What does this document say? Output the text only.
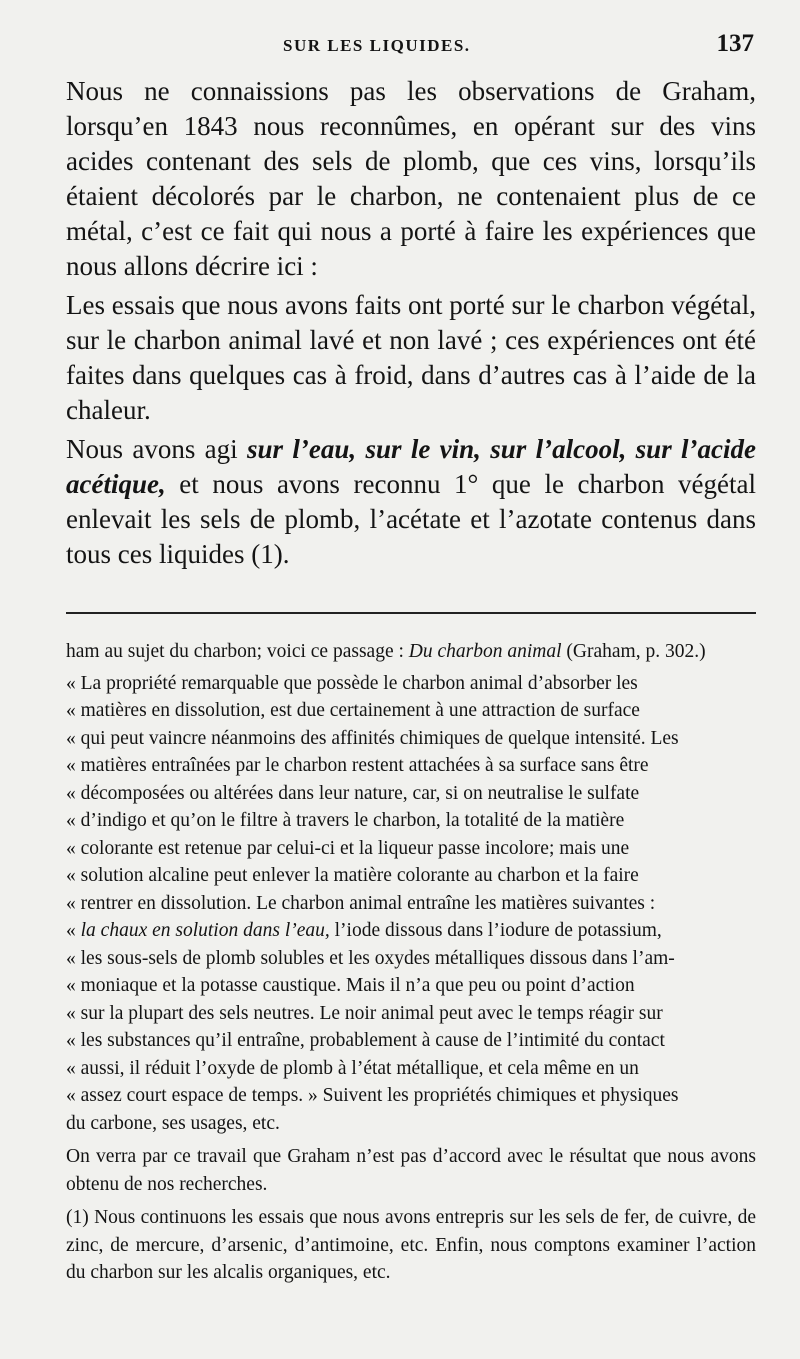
SUR LES LIQUIDES.	137

Nous ne connaissions pas les observations de Graham, lorsqu’en 1843 nous reconnûmes, en opérant sur des vins acides contenant des sels de plomb, que ces vins, lorsqu’ils étaient décolorés par le charbon, ne contenaient plus de ce métal, c’est ce fait qui nous a porté à faire les expériences que nous allons décrire ici :

Les essais que nous avons faits ont porté sur le charbon végétal, sur le charbon animal lavé et non lavé ; ces expériences ont été faites dans quelques cas à froid, dans d’autres cas à l’aide de la chaleur.

Nous avons agi sur l’eau, sur le vin, sur l’alcool, sur l’acide acétique, et nous avons reconnu 1° que le charbon végétal enlevait les sels de plomb, l’acétate et l’azotate contenus dans tous ces liquides (1).

ham au sujet du charbon; voici ce passage : Du charbon animal (Graham, p. 302.)

« La propriété remarquable que possède le charbon animal d’absorber les
« matières en dissolution, est due certainement à une attraction de surface
« qui peut vaincre néanmoins des affinités chimiques de quelque intensité. Les
« matières entraînées par le charbon restent attachées à sa surface sans être
« décomposées ou altérées dans leur nature, car, si on neutralise le sulfate
« d’indigo et qu’on le filtre à travers le charbon, la totalité de la matière
« colorante est retenue par celui-ci et la liqueur passe incolore; mais une
« solution alcaline peut enlever la matière colorante au charbon et la faire
« rentrer en dissolution. Le charbon animal entraîne les matières suivantes :
« la chaux en solution dans l’eau, l’iode dissous dans l’iodure de potassium,
« les sous-sels de plomb solubles et les oxydes métalliques dissous dans l’am-
« moniaque et la potasse caustique. Mais il n’a que peu ou point d’action
« sur la plupart des sels neutres. Le noir animal peut avec le temps réagir sur
« les substances qu’il entraîne, probablement à cause de l’intimité du contact
« aussi, il réduit l’oxyde de plomb à l’état métallique, et cela même en un
« assez court espace de temps. » Suivent les propriétés chimiques et physiques
du carbone, ses usages, etc.

On verra par ce travail que Graham n’est pas d’accord avec le résultat que nous avons obtenu de nos recherches.

(1) Nous continuons les essais que nous avons entrepris sur les sels de fer, de cuivre, de zinc, de mercure, d’arsenic, d’antimoine, etc. Enfin, nous comptons examiner l’action du charbon sur les alcalis organiques, etc.
